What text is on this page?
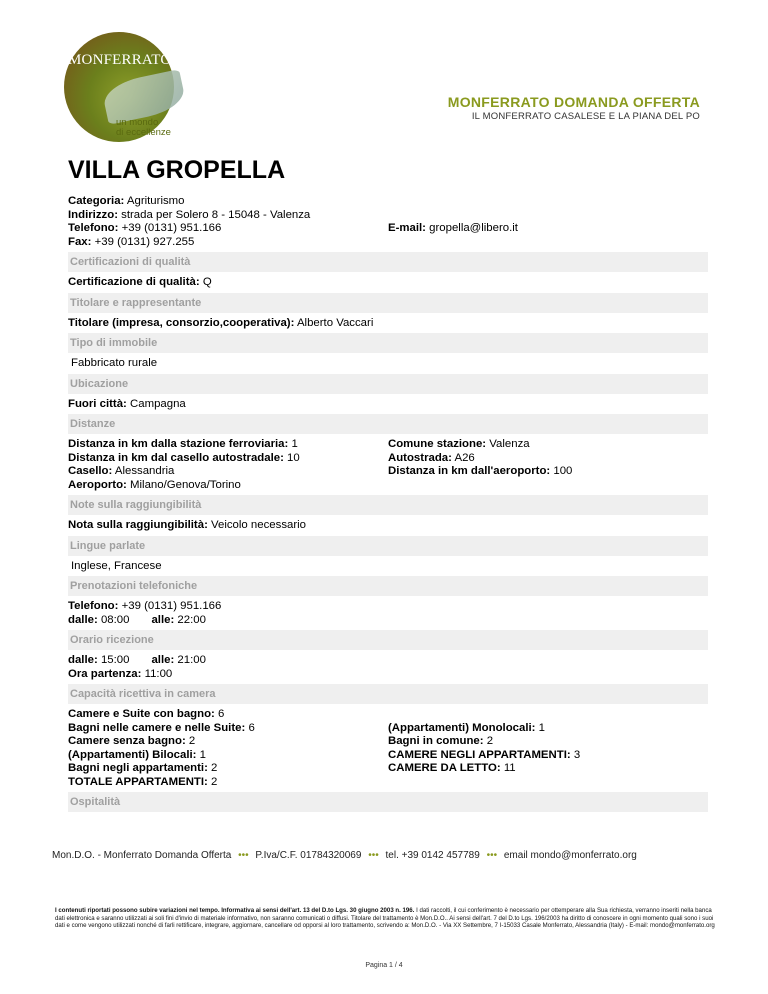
MONFERRATO
un mondo
di eccellenze
MONFERRATO DOMANDA OFFERTA
IL MONFERRATO CASALESE E LA PIANA DEL PO
VILLA GROPELLA
Categoria: Agriturismo
Indirizzo: strada per Solero 8 - 15048 - Valenza
Telefono: +39 (0131) 951.166
Fax: +39 (0131) 927.255
E-mail: gropella@libero.it
Certificazioni di qualità
Certificazione di qualità: Q
Titolare e rappresentante
Titolare (impresa, consorzio,cooperativa): Alberto Vaccari
Tipo di immobile
Fabbricato rurale
Ubicazione
Fuori città: Campagna
Distanze
Distanza in km dalla stazione ferroviaria: 1
Distanza in km dal casello autostradale: 10
Casello: Alessandria
Aeroporto: Milano/Genova/Torino
Comune stazione: Valenza
Autostrada: A26
Distanza in km dall'aeroporto: 100
Note sulla raggiungibilità
Nota sulla raggiungibilità: Veicolo necessario
Lingue parlate
Inglese, Francese
Prenotazioni telefoniche
Telefono: +39 (0131) 951.166
dalle: 08:00 alle: 22:00
Orario ricezione
dalle: 15:00 alle: 21:00
Ora partenza: 11:00
Capacità ricettiva in camera
Camere e Suite con bagno: 6
Bagni nelle camere e nelle Suite: 6
Camere senza bagno: 2
(Appartamenti) Bilocali: 1
Bagni negli appartamenti: 2
TOTALE APPARTAMENTI: 2
(Appartamenti) Monolocali: 1
Bagni in comune: 2
CAMERE NEGLI APPARTAMENTI: 3
CAMERE DA LETTO: 11
Ospitalità
Mon.D.O. - Monferrato Domanda Offerta ••• P.Iva/C.F. 01784320069 ••• tel. +39 0142 457789 ••• email mondo@monferrato.org
I contenuti riportati possono subire variazioni nel tempo. Informativa ai sensi dell'art. 13 del D.to Lgs. 30 giugno 2003 n. 196. I dati raccolti, il cui conferimento è necessario per ottemperare alla Sua richiesta, verranno inseriti nella banca dati elettronica e saranno utilizzati ai soli fini d'invio di materiale informativo, non saranno comunicati o diffusi. Titolare del trattamento è Mon.D.O.. Ai sensi dell'art. 7 del D.to Lgs. 196/2003 ha diritto di conoscere in ogni momento quali sono i suoi dati e come vengono utilizzati nonché di farli rettificare, integrare, aggiornare, cancellare od opporsi al loro trattamento, scrivendo a: Mon.D.O. - Via XX Settembre, 7 I-15033 Casale Monferrato, Alessandria (Italy) - E-mail: mondo@monferrato.org
Pagina 1 / 4
